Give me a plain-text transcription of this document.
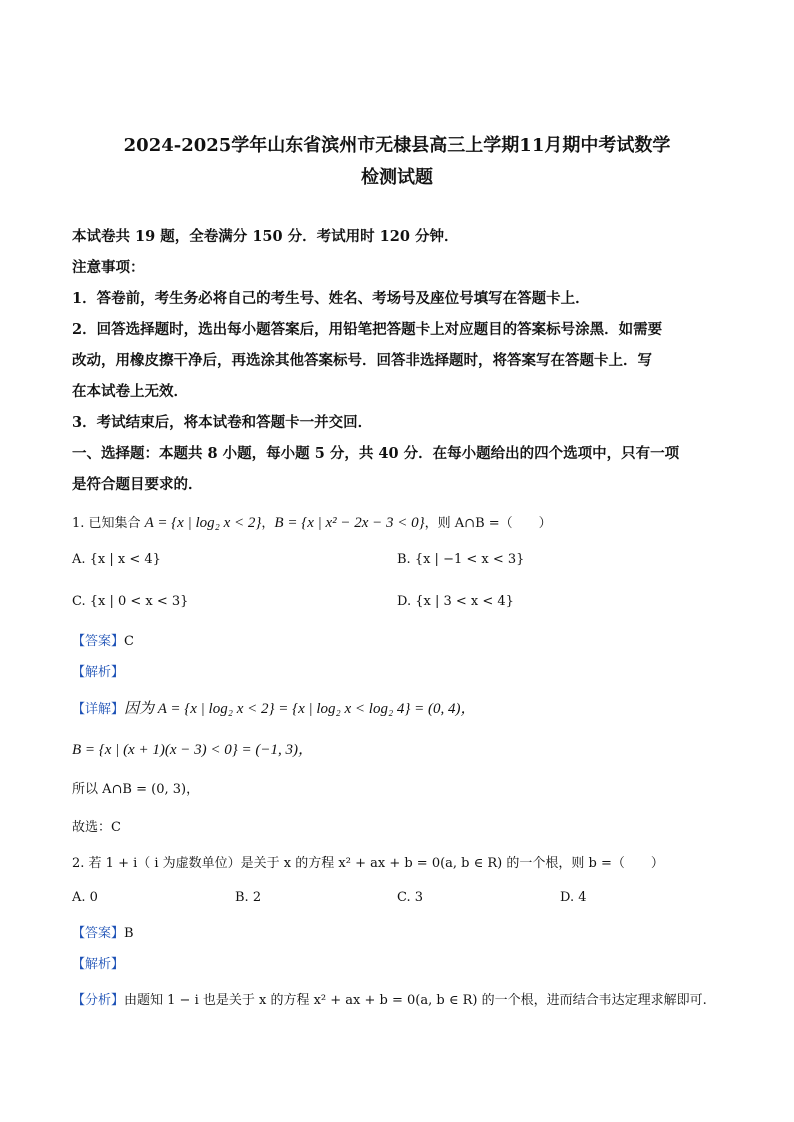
2024-2025学年山东省滨州市无棣县高三上学期11月期中考试数学
检测试题
本试卷共 19 题，全卷满分 150 分．考试用时 120 分钟．
注意事项：
1．答卷前，考生务必将自己的考生号、姓名、考场号及座位号填写在答题卡上．
2．回答选择题时，选出每小题答案后，用铅笔把答题卡上对应题目的答案标号涂黑．如需要
改动，用橡皮擦干净后，再选涂其他答案标号．回答非选择题时，将答案写在答题卡上．写
在本试卷上无效．
3．考试结束后，将本试卷和答题卡一并交回．
一、选择题：本题共 8 小题，每小题 5 分，共 40 分．在每小题给出的四个选项中，只有一项
是符合题目要求的．
1. 已知集合 A = {x | log₂ x < 2}，B = {x | x² − 2x − 3 < 0}，则 A∩B =（　　）
A. {x | x < 4}	B. {x | −1 < x < 3}
C. {x | 0 < x < 3}	D. {x | 3 < x < 4}
【答案】C
【解析】
【详解】因为 A = {x | log₂ x < 2} = {x | log₂ x < log₂ 4} = (0, 4)，
B = {x | (x + 1)(x − 3) < 0} = (−1, 3)，
所以 A∩B = (0, 3)，
故选：C
2. 若 1 + i（ i 为虚数单位）是关于 x 的方程 x² + ax + b = 0(a, b ∈ R) 的一个根，则 b =（　　）
A. 0	B. 2	C. 3	D. 4
【答案】B
【解析】
【分析】由题知 1 − i 也是关于 x 的方程 x² + ax + b = 0(a, b ∈ R) 的一个根，进而结合韦达定理求解即可.
